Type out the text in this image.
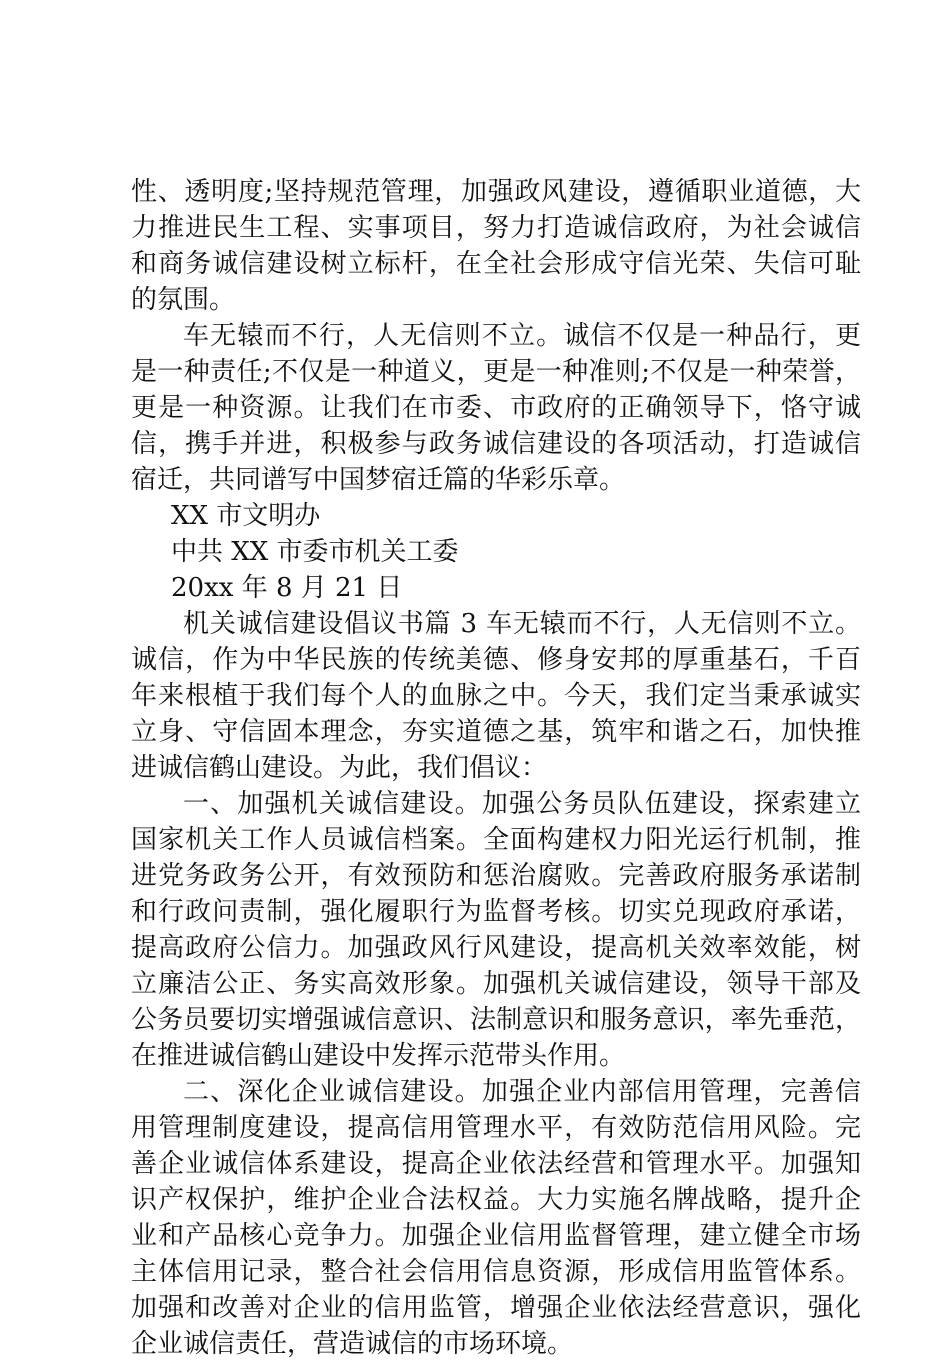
性、透明度;坚持规范管理，加强政风建设，遵循职业道德，大
力推进民生工程、实事项目，努力打造诚信政府，为社会诚信
和商务诚信建设树立标杆，在全社会形成守信光荣、失信可耻
的氛围。
车无辕而不行，人无信则不立。诚信不仅是一种品行，更
是一种责任;不仅是一种道义，更是一种准则;不仅是一种荣誉，
更是一种资源。让我们在市委、市政府的正确领导下，恪守诚
信，携手并进，积极参与政务诚信建设的各项活动，打造诚信
宿迁，共同谱写中国梦宿迁篇的华彩乐章。
XX 市文明办
中共 XX 市委市机关工委
20xx 年 8 月 21 日
机关诚信建设倡议书篇 3 车无辕而不行，人无信则不立。
诚信，作为中华民族的传统美德、修身安邦的厚重基石，千百
年来根植于我们每个人的血脉之中。今天，我们定当秉承诚实
立身、守信固本理念，夯实道德之基，筑牢和谐之石，加快推
进诚信鹤山建设。为此，我们倡议：
一、加强机关诚信建设。加强公务员队伍建设，探索建立
国家机关工作人员诚信档案。全面构建权力阳光运行机制，推
进党务政务公开，有效预防和惩治腐败。完善政府服务承诺制
和行政问责制，强化履职行为监督考核。切实兑现政府承诺，
提高政府公信力。加强政风行风建设，提高机关效率效能，树
立廉洁公正、务实高效形象。加强机关诚信建设，领导干部及
公务员要切实增强诚信意识、法制意识和服务意识，率先垂范，
在推进诚信鹤山建设中发挥示范带头作用。
二、深化企业诚信建设。加强企业内部信用管理，完善信
用管理制度建设，提高信用管理水平，有效防范信用风险。完
善企业诚信体系建设，提高企业依法经营和管理水平。加强知
识产权保护，维护企业合法权益。大力实施名牌战略，提升企
业和产品核心竞争力。加强企业信用监督管理，建立健全市场
主体信用记录，整合社会信用信息资源，形成信用监管体系。
加强和改善对企业的信用监管，增强企业依法经营意识，强化
企业诚信责任，营造诚信的市场环境。
